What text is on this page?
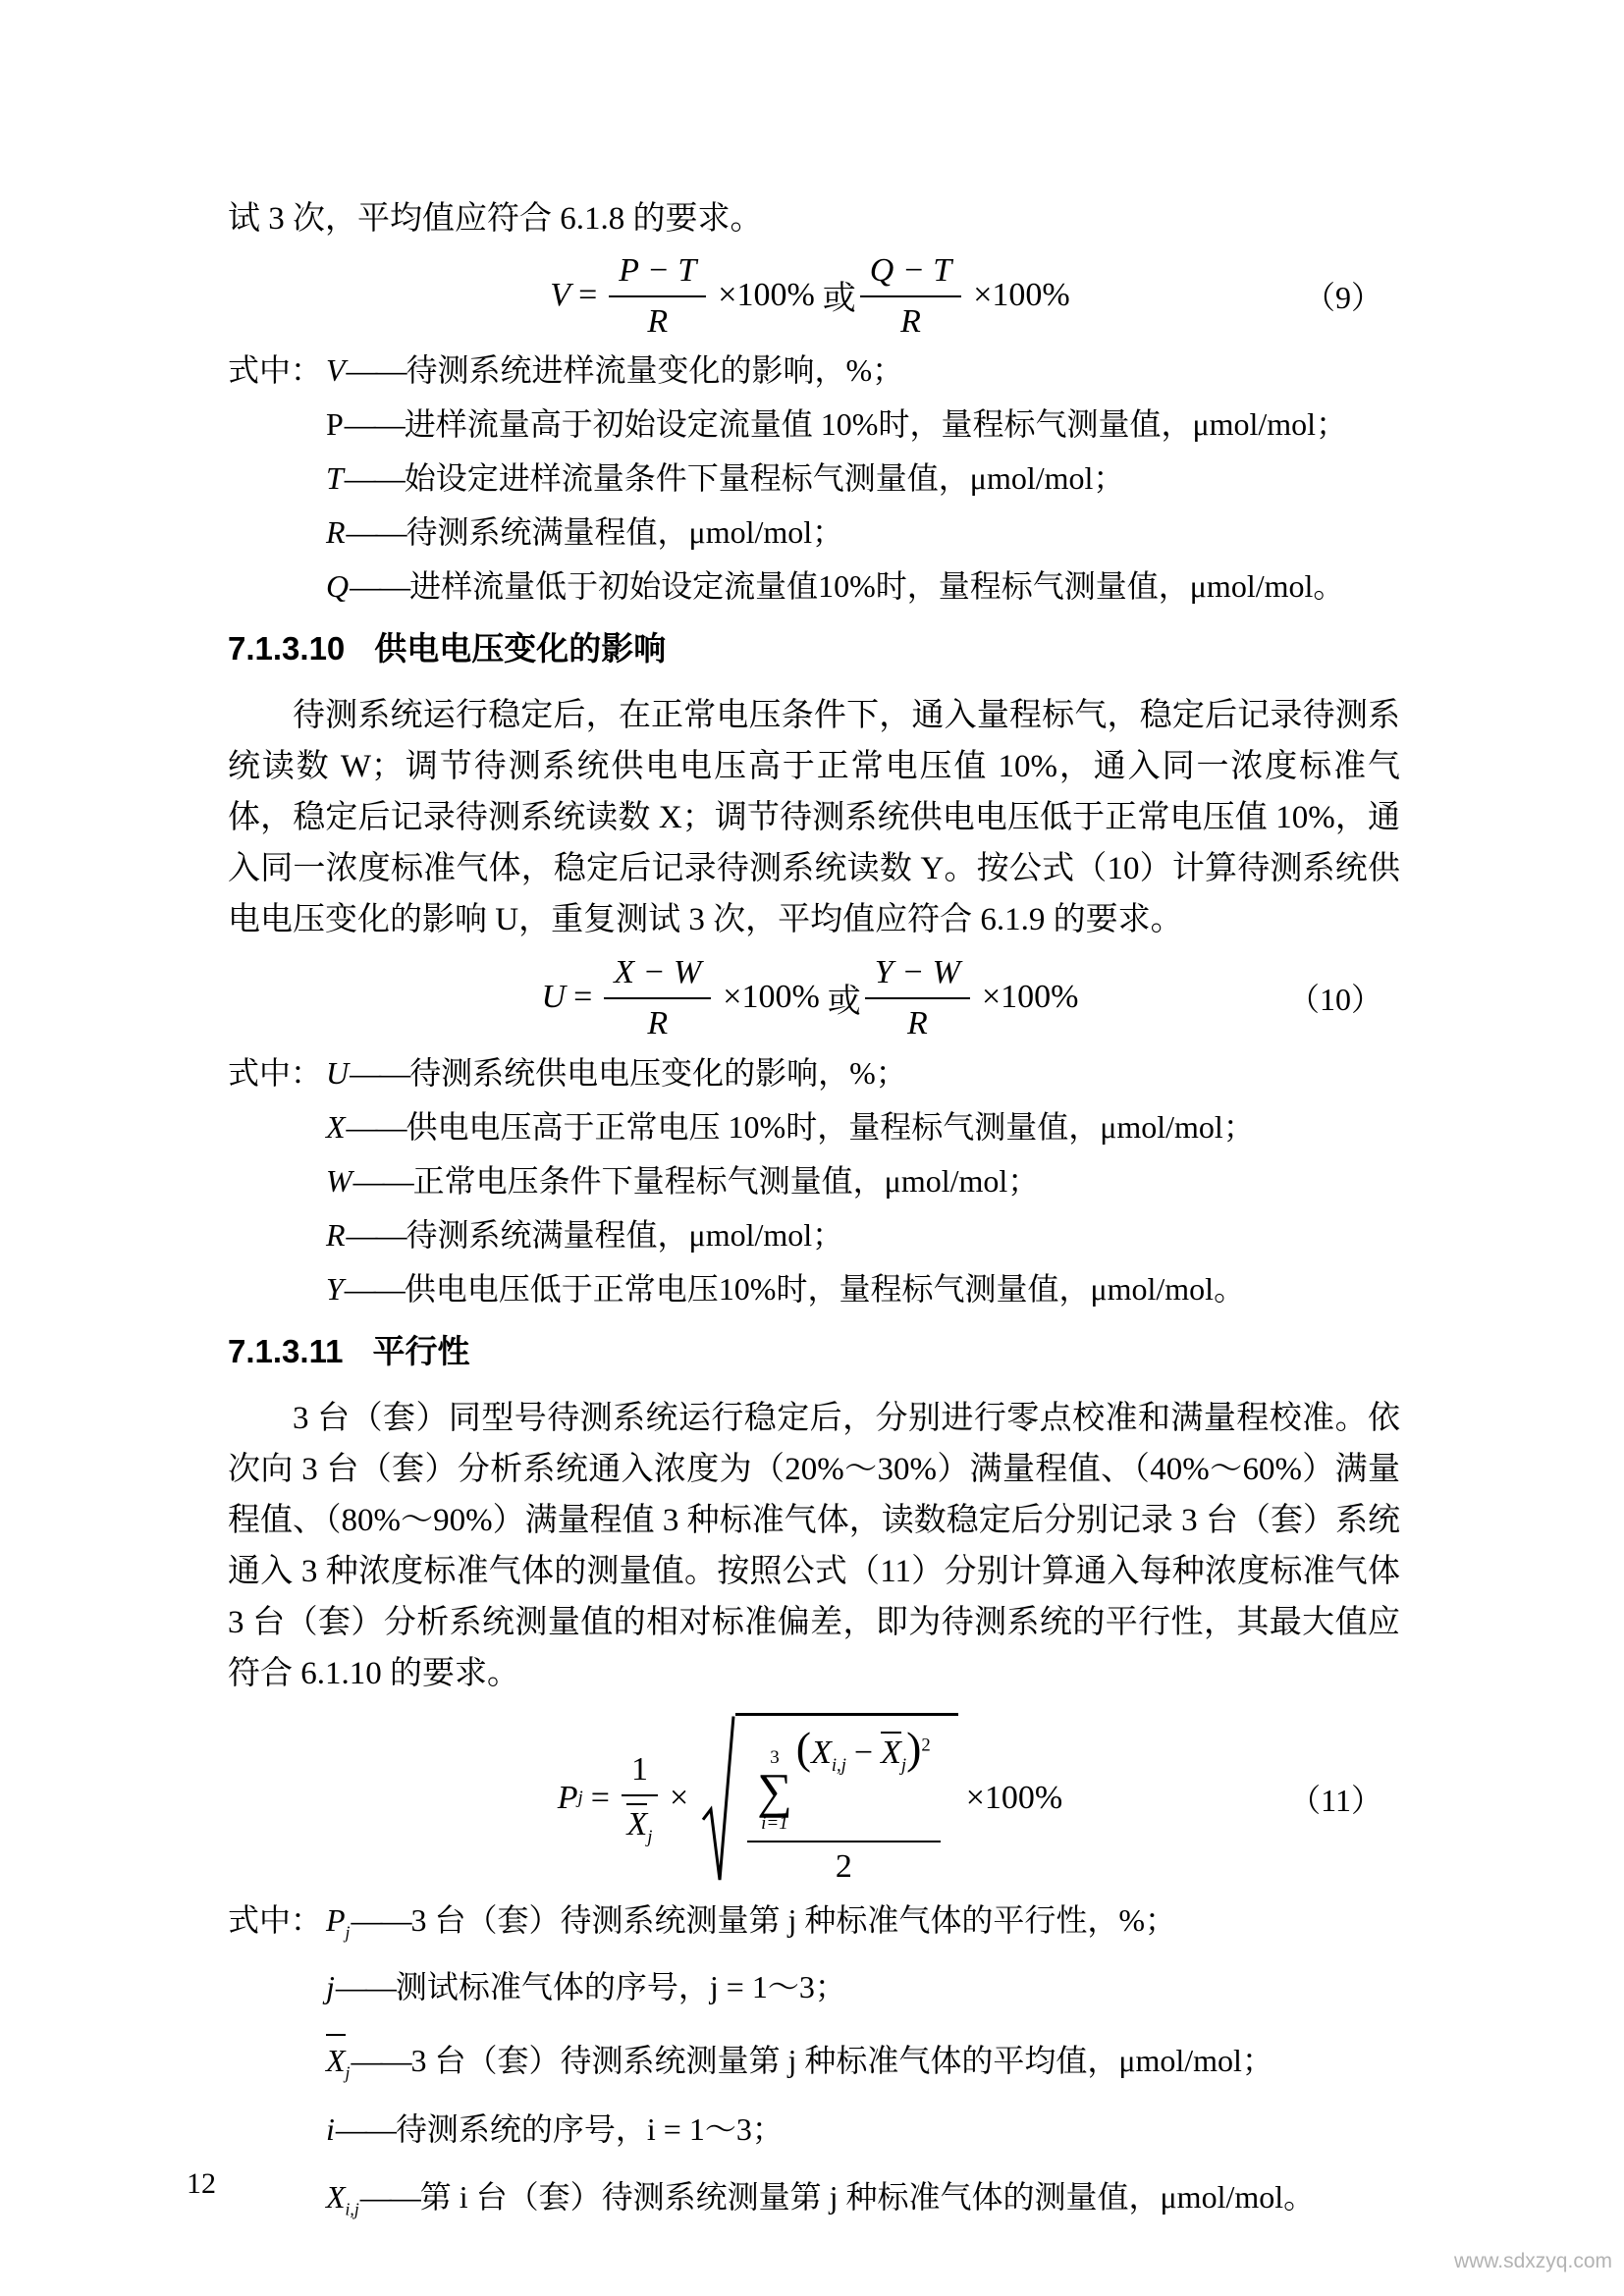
试 3 次，平均值应符合 6.1.8 的要求。
$V = \frac{P - T}{R} \times 100\%$ 或 $\frac{Q - T}{R} \times 100\%$	（9）
式中： V——待测系统进样流量变化的影响，%；
P——进样流量高于初始设定流量值 10%时，量程标气测量值，μmol/mol；
T——始设定进样流量条件下量程标气测量值，μmol/mol；
R——待测系统满量程值，μmol/mol；
Q——进样流量低于初始设定流量值10%时，量程标气测量值，μmol/mol。
7.1.3.10 供电电压变化的影响

待测系统运行稳定后，在正常电压条件下，通入量程标气，稳定后记录待测系统读数 W；调节待测系统供电电压高于正常电压值 10%，通入同一浓度标准气体，稳定后记录待测系统读数 X；调节待测系统供电电压低于正常电压值 10%，通入同一浓度标准气体，稳定后记录待测系统读数 Y。按公式（10）计算待测系统供电电压变化的影响 U，重复测试 3 次，平均值应符合 6.1.9 的要求。

$U = \frac{X - W}{R} \times 100\%$ 或 $\frac{Y - W}{R} \times 100\%$	（10）
式中： U——待测系统供电电压变化的影响，%；
X——供电电压高于正常电压 10%时，量程标气测量值，μmol/mol；
W——正常电压条件下量程标气测量值，μmol/mol；
R——待测系统满量程值，μmol/mol；
Y——供电电压低于正常电压10%时，量程标气测量值，μmol/mol。
7.1.3.11 平行性

3 台（套）同型号待测系统运行稳定后，分别进行零点校准和满量程校准。依次向 3 台（套）分析系统通入浓度为（20%～30%）满量程值、（40%～60%）满量程值、（80%～90%）满量程值 3 种标准气体，读数稳定后分别记录 3 台（套）系统通入 3 种浓度标准气体的测量值。按照公式（11）分别计算通入每种浓度标准气体 3 台（套）分析系统测量值的相对标准偏差，即为待测系统的平行性，其最大值应符合 6.1.10 的要求。

P $j = \frac{1}{X_j}$ ×
3
∑
i=1
$(X_{i,j} - X_j)^2$
2
×100%	（11）
式中： $P_j——3$ 台（套）待测系统测量第 j 种标准气体的平行性，%；
j——测试标准气体的序号，j = 1～3；
$X_j——3$ 台（套）待测系统测量第 j 种标准气体的平均值，μmol/mol；
i——待测系统的序号，i = 1～3；
$X_{i,j}——$第 i 台（套）待测系统测量第 j 种标准气体的测量值，μmol/mol。
12
www.sdxzyq.com
